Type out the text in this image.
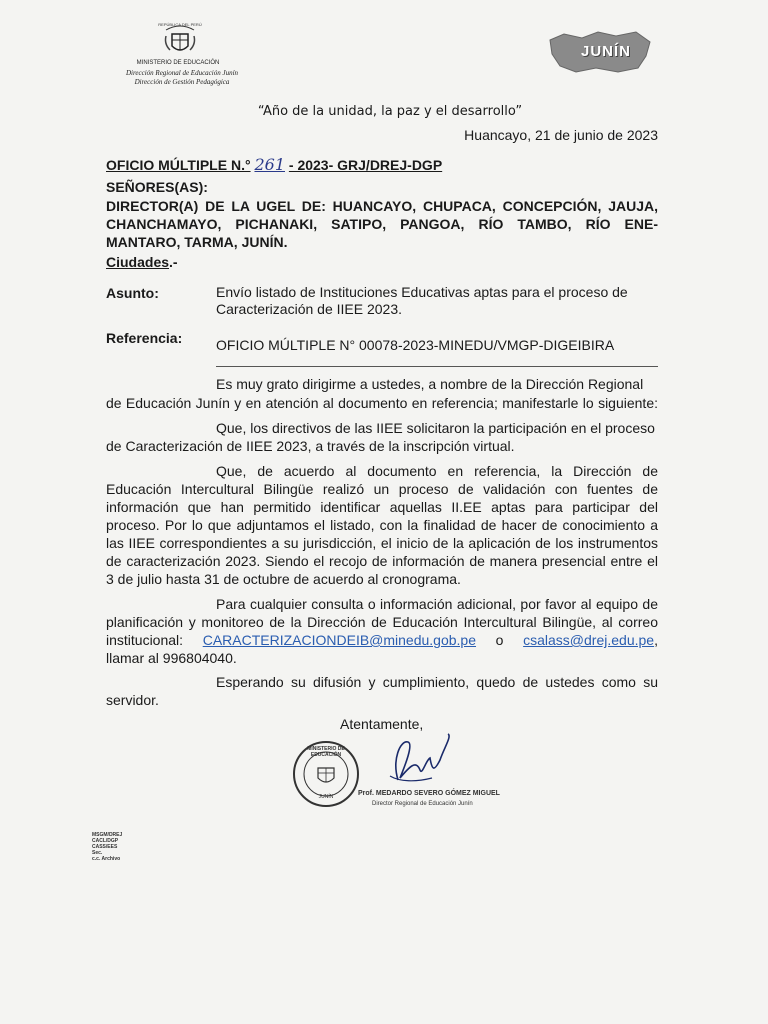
REPÚBLICA DEL PERÚ
MINISTERIO DE EDUCACIÓN
Dirección Regional de Educación Junín
Dirección de Gestión Pedagógica
JUNÍN
“Año de la unidad, la paz y el desarrollo”
Huancayo, 21 de junio de 2023
OFICIO MÚLTIPLE N.° 261 - 2023- GRJ/DREJ-DGP
SEÑORES(AS):
DIRECTOR(A) DE LA UGEL DE: HUANCAYO, CHUPACA, CONCEPCIÓN, JAUJA,
CHANCHAMAYO, PICHANAKI, SATIPO, PANGOA, RÍO TAMBO, RÍO ENE-
MANTARO, TARMA, JUNÍN.
Ciudades.-
Asunto:	Envío listado de Instituciones Educativas aptas para el proceso de
Caracterización de IIEE 2023.
Referencia: OFICIO MÚLTIPLE N° 00078-2023-MINEDU/VMGP-DIGEIBIRA
Es muy grato dirigirme a ustedes, a nombre de la Dirección Regional
de Educación Junín y en atención al documento en referencia; manifestarle lo siguiente:
Que, los directivos de las IIEE solicitaron la participación en el proceso
de Caracterización de IIEE 2023, a través de la inscripción virtual.
Que, de acuerdo al documento en referencia, la Dirección de
Educación Intercultural Bilingüe realizó un proceso de validación con fuentes de
información que han permitido identificar aquellas II.EE aptas para participar del
proceso. Por lo que adjuntamos el listado, con la finalidad de hacer de conocimiento a
las IIEE correspondientes a su jurisdicción, el inicio de la aplicación de los instrumentos
de caracterización 2023. Siendo el recojo de información de manera presencial entre el
3 de julio hasta 31 de octubre de acuerdo al cronograma.
Para cualquier consulta o información adicional, por favor al equipo de
planificación y monitoreo de la Dirección de Educación Intercultural Bilingüe, al correo
institucional: CARACTERIZACIONDEIB@minedu.gob.pe o csalass@drej.edu.pe,
llamar al 996804040.
Esperando su difusión y cumplimiento, quedo de ustedes como su
servidor.
Atentamente,
MINISTERIO DE EDUCACIÓN
JUNÍN	Prof. MEDARDO SEVERO GÓMEZ MIGUEL
Director Regional de Educación Junín
MSGM/DREJ
CACL/DGP
CASS/EES
Sec.
c.c. Archivo
